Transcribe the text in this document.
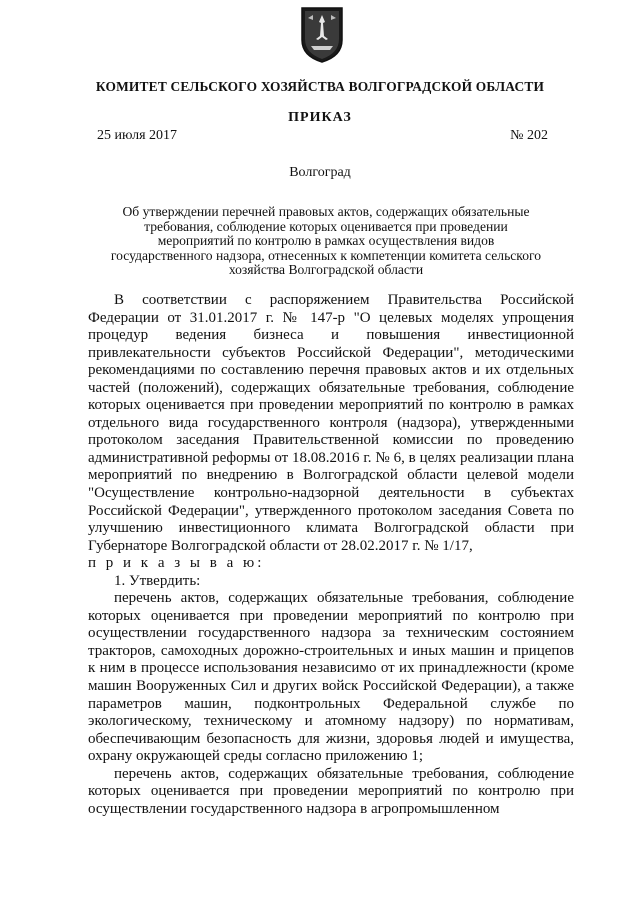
КОМИТЕТ СЕЛЬСКОГО ХОЗЯЙСТВА ВОЛГОГРАДСКОЙ ОБЛАСТИ
ПРИКАЗ
25 июля 2017	№ 202
Волгоград
Об утверждении перечней правовых актов, содержащих обязательные требования, соблюдение которых оценивается при проведении мероприятий по контролю в рамках осуществления видов государственного надзора, отнесенных к компетенции комитета сельского хозяйства Волгоградской области

В соответствии с распоряжением Правительства Российской Федерации от 31.01.2017 г. № 147-р "О целевых моделях упрощения процедур ведения бизнеса и повышения инвестиционной привлекательности субъектов Российской Федерации", методическими рекомендациями по составлению перечня правовых актов и их отдельных частей (положений), содержащих обязательные требования, соблюдение которых оценивается при проведении мероприятий по контролю в рамках отдельного вида государственного контроля (надзора), утвержденными протоколом заседания Правительственной комиссии по проведению административной реформы от 18.08.2016 г. № 6, в целях реализации плана мероприятий по внедрению в Волгоградской области целевой модели "Осуществление контрольно-надзорной деятельности в субъектах Российской Федерации", утвержденного протоколом заседания Совета по улучшению инвестиционного климата Волгоградской области при Губернаторе Волгоградской области от 28.02.2017 г. № 1/17,

п р и к а з ы в а ю:

1. Утвердить:

перечень актов, содержащих обязательные требования, соблюдение которых оценивается при проведении мероприятий по контролю при осуществлении государственного надзора за техническим состоянием тракторов, самоходных дорожно-строительных и иных машин и прицепов к ним в процессе использования независимо от их принадлежности (кроме машин Вооруженных Сил и других войск Российской Федерации), а также параметров машин, подконтрольных Федеральной службе по экологическому, техническому и атомному надзору) по нормативам, обеспечивающим безопасность для жизни, здоровья людей и имущества, охрану окружающей среды согласно приложению 1;

перечень актов, содержащих обязательные требования, соблюдение которых оценивается при проведении мероприятий по контролю при осуществлении государственного надзора в агропромышленном
